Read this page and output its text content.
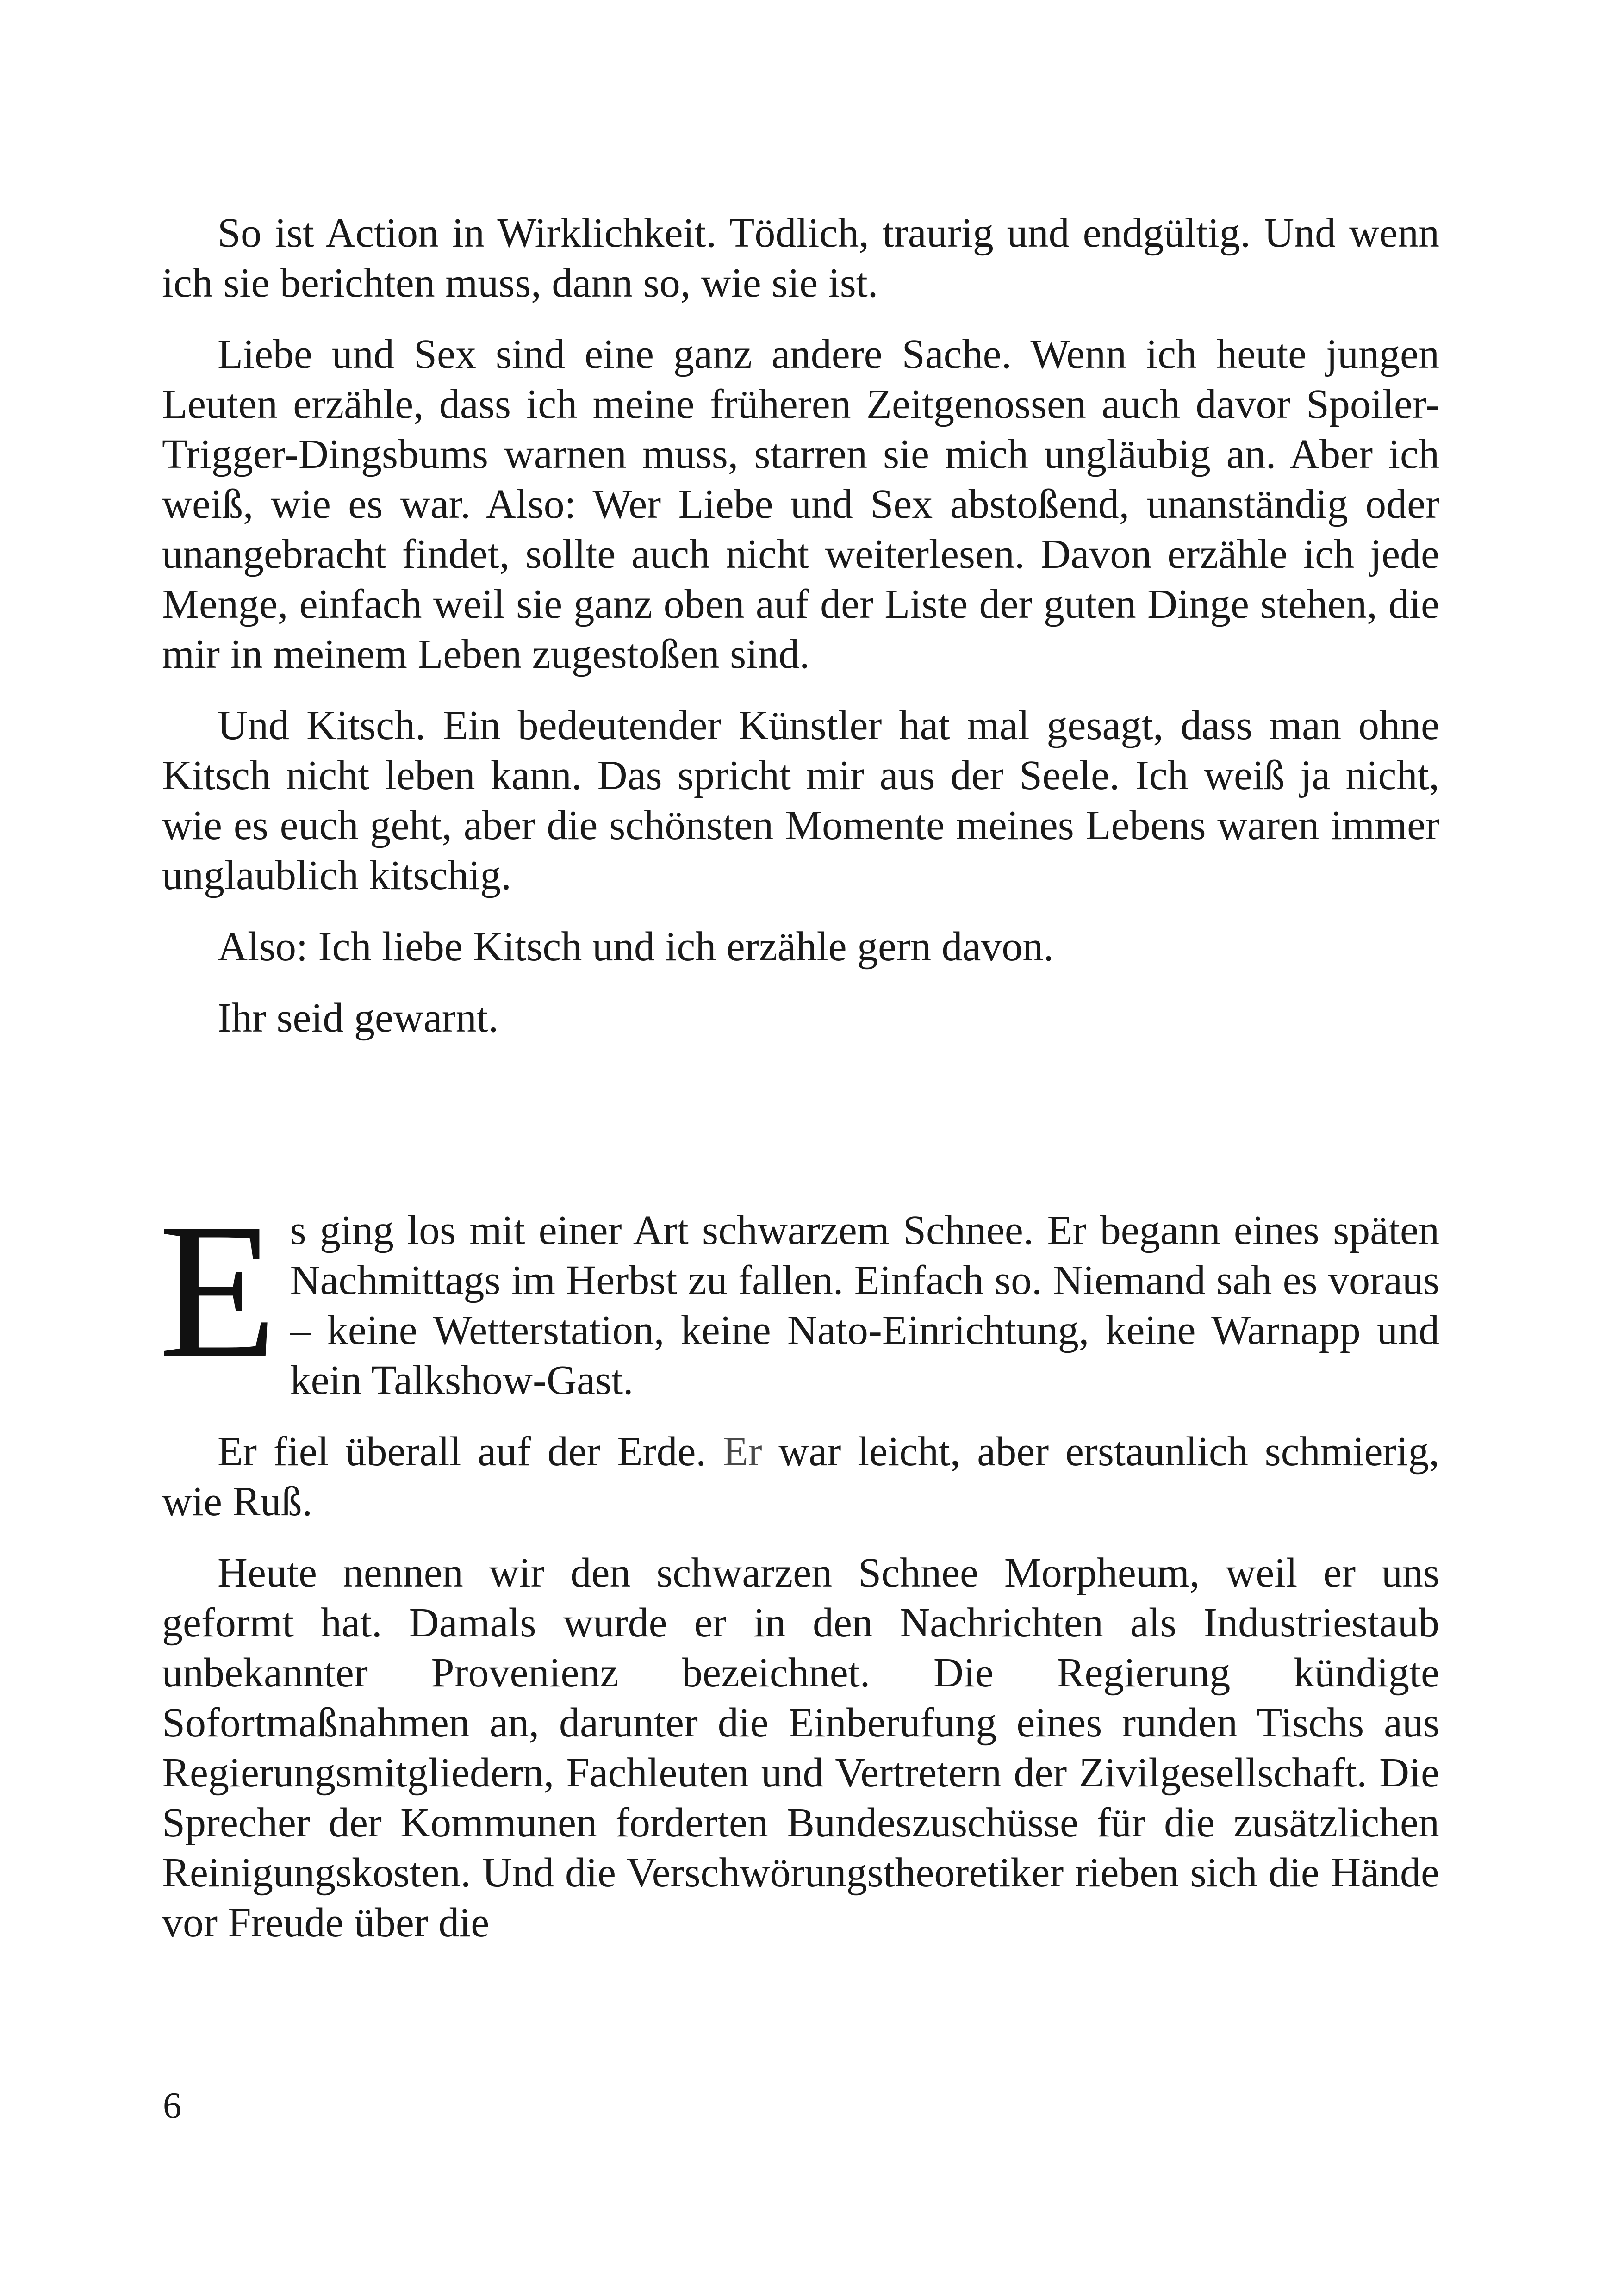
So ist Action in Wirklichkeit. Tödlich, traurig und endgültig. Und wenn ich sie berichten muss, dann so, wie sie ist.

Liebe und Sex sind eine ganz andere Sache. Wenn ich heute jungen Leuten erzähle, dass ich meine früheren Zeitgenossen auch davor Spoiler-Trigger-Dingsbums warnen muss, starren sie mich ungläubig an. Aber ich weiß, wie es war. Also: Wer Liebe und Sex abstoßend, unanständig oder unangebracht findet, sollte auch nicht weiterlesen. Davon erzähle ich jede Menge, einfach weil sie ganz oben auf der Liste der guten Dinge stehen, die mir in meinem Leben zugestoßen sind.

Und Kitsch. Ein bedeutender Künstler hat mal gesagt, dass man ohne Kitsch nicht leben kann. Das spricht mir aus der Seele. Ich weiß ja nicht, wie es euch geht, aber die schönsten Momente meines Lebens waren immer unglaublich kitschig.

Also: Ich liebe Kitsch und ich erzähle gern davon.

Ihr seid gewarnt.

Es ging los mit einer Art schwarzem Schnee. Er begann eines späten Nachmittags im Herbst zu fallen. Einfach so. Niemand sah es voraus – keine Wetterstation, keine Nato-Einrichtung, keine Warnapp und kein Talkshow-Gast.

Er fiel überall auf der Erde. Er war leicht, aber erstaunlich schmierig, wie Ruß.

Heute nennen wir den schwarzen Schnee Morpheum, weil er uns geformt hat. Damals wurde er in den Nachrichten als Industriestaub unbekannter Provenienz bezeichnet. Die Regierung kündigte Sofortmaßnahmen an, darunter die Einberufung eines runden Tischs aus Regierungsmitgliedern, Fachleuten und Vertretern der Zivilgesellschaft. Die Sprecher der Kommunen forderten Bundeszuschüsse für die zusätzlichen Reinigungskosten. Und die Verschwörungstheoretiker rieben sich die Hände vor Freude über die

6
